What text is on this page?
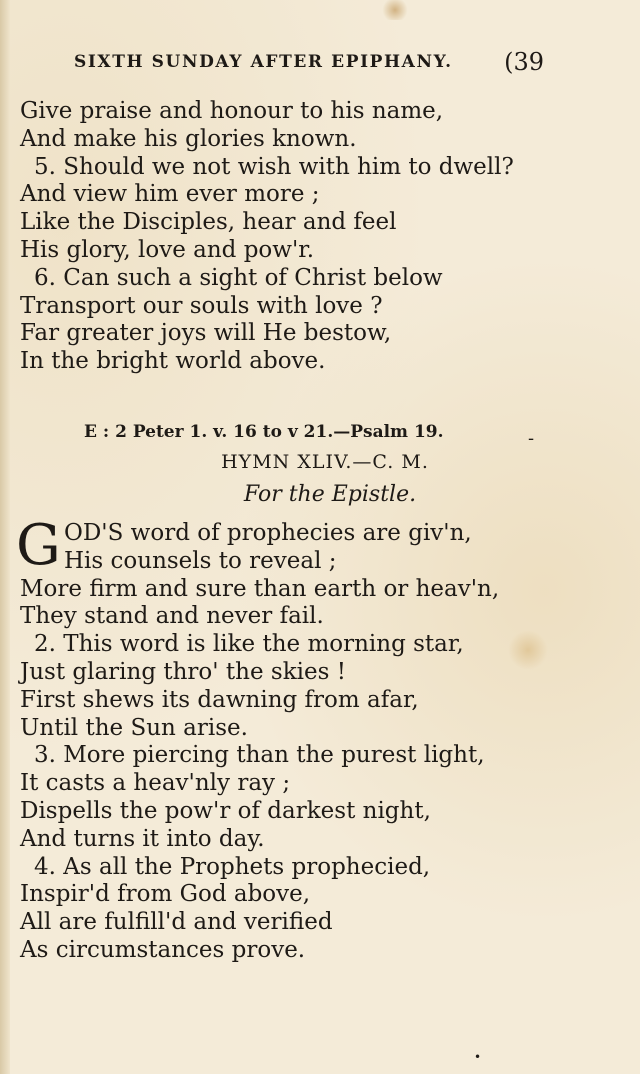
SIXTH SUNDAY AFTER EPIPHANY. (39
Give praise and honour to his name,
And make his glories known.
5. Should we not wish with him to dwell?
And view him ever more ;
Like the Disciples, hear and feel
His glory, love and pow'r.
6. Can such a sight of Christ below
Transport our souls with love ?
Far greater joys will He bestow,
In the bright world above.
E : 2 Peter 1. v. 16 to v 21.—Psalm 19.	-
HYMN XLIV.—C. M.
For the Epistle.
G OD'S word of prophecies are giv'n,
His counsels to reveal ;
More firm and sure than earth or heav'n,
They stand and never fail.
2. This word is like the morning star,
Just glaring thro' the skies !
First shews its dawning from afar,
Until the Sun arise.
3. More piercing than the purest light,
It casts a heav'nly ray ;
Dispells the pow'r of darkest night,
And turns it into day.
4. As all the Prophets prophecied,
Inspir'd from God above,
All are fulfill'd and verified
As circumstances prove.
•
